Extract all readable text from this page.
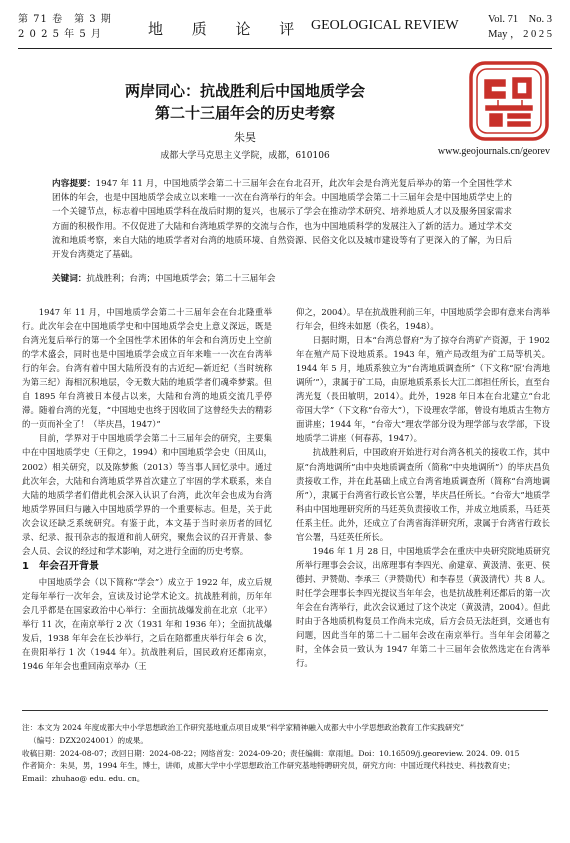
第 71 卷　第 3 期
2 0 2 5 年 5 月	地 质 论 评 GEOLOGICAL REVIEW	Vol. 71　No. 3
May ， 2 0 2 5
两岸同心：抗战胜利后中国地质学会
第二十三届年会的历史考察
朱昊
成都大学马克思主义学院，成都，610106	www.geojournals.cn/georev
内容提要：1947 年 11 月，中国地质学会第二十三届年会在台北召开，此次年会是台湾光复后举办的第一个全国性学术团体的年会，也是中国地质学会成立以来唯一一次在台湾举行的年会。中国地质学会第二十三届年会是中国地质学史上的一个关键节点，标志着中国地质学科在战后时期的复兴，也展示了学会在推动学术研究、培养地质人才以及服务国家需求方面的积极作用。不仅促进了大陆和台湾地质学界的交流与合作，也为中国地质科学的发展注入了新的活力。通过学术交流和地质考察，来自大陆的地质学者对台湾的地质环境、自然资源、民俗文化以及城市建设等有了更深入的了解，为日后开发台湾奠定了基础。
关键词：抗战胜利；台湾；中国地质学会；第二十三届年会

1947 年 11 月，中国地质学会第二十三届年会在台北隆重举行。此次年会在中国地质学史和中国地质学会史上意义深远，既是台湾光复后举行的第一个全国性学术团体的年会和台湾历史上空前的学术盛会，同时也是中国地质学会成立百年来唯一一次在台湾举行的年会。台湾有着中国大陆所没有的古近纪—新近纪（当时统称为第三纪）海相沉积地层，令无数大陆的地质学者们魂牵梦萦。但自 1895 年台湾被日本侵占以来，大陆和台湾的地质交流几乎停滞。随着台湾的光复，“中国地史也终于因收回了这曾经失去的精彩的一页而补全了！（毕庆昌，1947）”

目前，学界对于中国地质学会第二十三届年会的研究，主要集中在中国地质学史（王仰之，1994）和中国地质学会史（田凤山，2002）相关研究，以及陈梦熊（2013）等当事人回忆录中。通过此次年会，大陆和台湾地质学界首次建立了牢固的学术联系，来自大陆的地质学者们借此机会深入认识了台湾，此次年会也成为台湾地质学界回归与融入中国地质学界的一个重要标志。但是，关于此次会议还缺乏系统研究。有鉴于此，本文基于当时亲历者的回忆录、纪录、报刊杂志的报道和前人研究，聚焦会议的召开背景、参会人员、会议的经过和学术影响，对之进行全面的历史考察。

1 年会召开背景

中国地质学会（以下简称“学会”）成立于 1922 年，成立后规定每年举行一次年会，宣读及讨论学术论文。抗战胜利前，历年年会几乎都是在国家政治中心举行：全面抗战爆发前在北京（北平）举行 11 次，在南京举行 2 次（1931 年和 1936 年）；全面抗战爆发后，1938 年年会在长沙举行，之后在陪都重庆举行年会 6 次，在贵阳举行 1 次（1944 年）。抗战胜利后，国民政府还都南京，1946 年年会也重回南京举办（王

仰之，2004）。早在抗战胜利前三年，中国地质学会即有意来台湾举行年会，但终未如愿（佚名，1948）。

日据时期，日本“台湾总督府”为了掠夺台湾矿产资源，于 1902 年在殖产局下设地质系。1943 年，殖产局改组为矿工局等机关。1944 年 5 月，地质系独立为“台湾地质调查所”（下文称“原‘台湾地调所’”），隶属于矿工局，由原地质系系长大江二郎担任所长，直至台湾光复（長田敏明，2014）。此外，1928 年日本在台北建立“台北帝国大学”（下文称“台帝大”），下设理农学部，曾设有地质古生物方面讲座；1944 年，“台帝大”理农学部分设为理学部与农学部，下设地质学二讲座（何春荪，1947）。

抗战胜利后，中国政府开始进行对台湾各机关的接收工作，其中原“台湾地调所”由中央地质调查所（简称“中央地调所”）的毕庆昌负责接收工作，并在此基础上成立台湾省地质调查所（简称“台湾地调所”），隶属于台湾省行政长官公署，毕庆昌任所长。“台帝大”地质学科由中国地理研究所的马廷英负责接收工作，并成立地质系，马廷英任系主任。此外，还成立了台湾省海洋研究所，隶属于台湾省行政长官公署，马廷英任所长。

1946 年 1 月 28 日，中国地质学会在重庆中央研究院地质研究所举行理事会会议，出席理事有李四光、俞建章、黄汲清、张更、侯德封、尹赞勋、李承三（尹赞勋代）和李春昱（黄汲清代）共 8 人。时任学会理事长李四光提议当年年会，也是抗战胜利还都后的第一次年会在台湾举行，此次会议通过了这个决定（黄汲清，2004）。但此时由于各地质机构复员工作尚未完成，后方会员无法赶到，交通也有问题，因此当年的第二十二届年会改在南京举行。当年年会闭幕之时，全体会员一致认为 1947 年第二十三届年会依然选定在台湾举行。

注：本文为 2024 年度成都大中小学思想政治工作研究基地重点项目成果“科学家精神融入成都大中小学思想政治教育工作实践研究”
（编号：DZX2024001）的成果。
收稿日期：2024-08-07；改回日期：2024-08-22；网络首发：2024-09-20；责任编辑：章雨旭。Doi：10.16509/j.georeview. 2024. 09. 015
作者简介：朱昊，男，1994 年生，博士，讲师，成都大学中小学思想政治工作研究基地特聘研究员，研究方向：中国近现代科技史、科技教育史；
Email：zhuhao@ edu. edu. cn。
